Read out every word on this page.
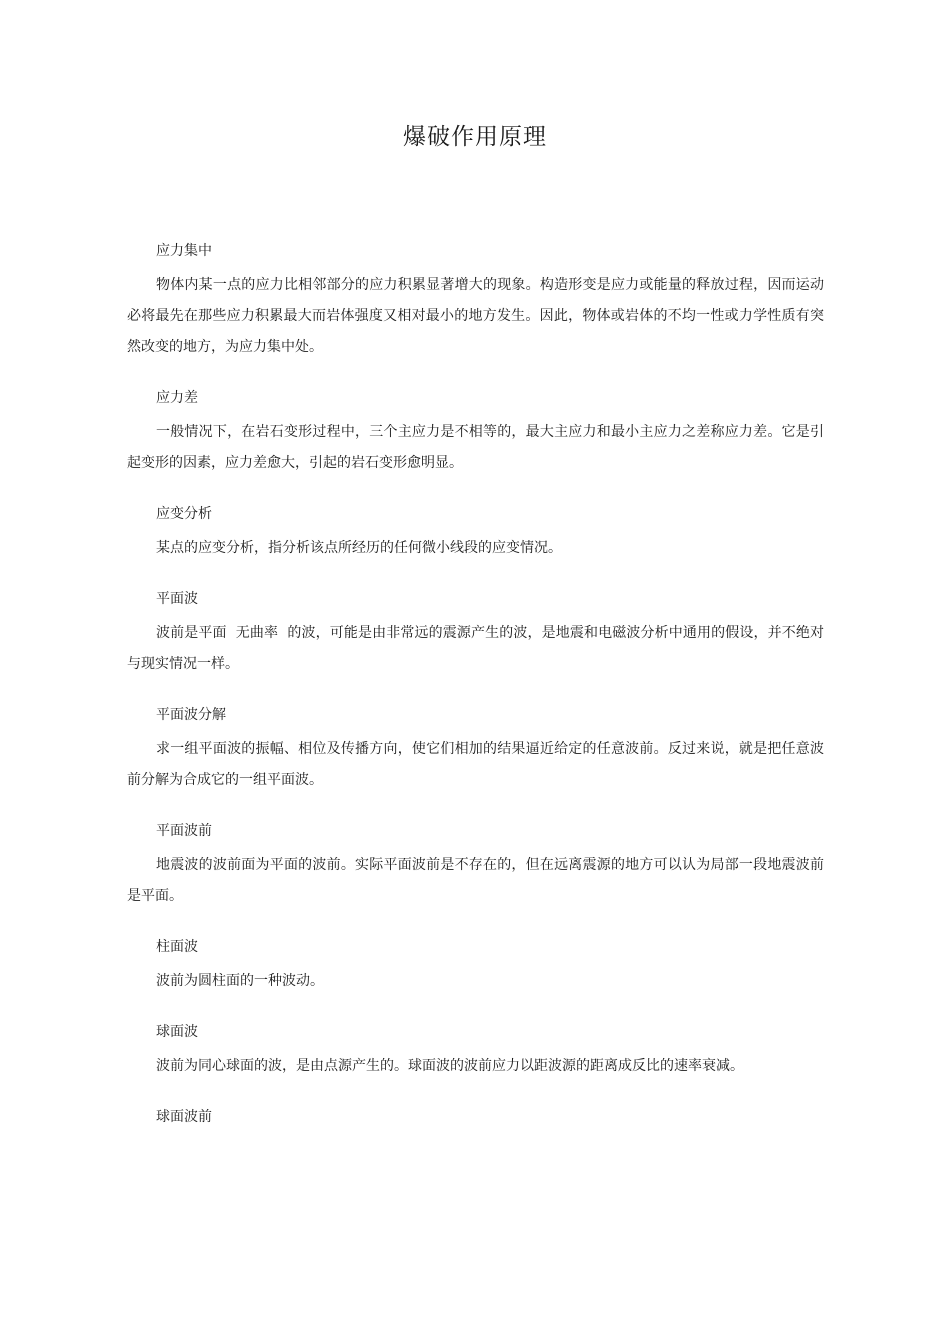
爆破作用原理
应力集中

物体内某一点的应力比相邻部分的应力积累显著增大的现象。构造形变是应力或能量的释放过程，因而运动必将最先在那些应力积累最大而岩体强度又相对最小的地方发生。因此，物体或岩体的不均一性或力学性质有突然改变的地方，为应力集中处。

应力差

一般情况下，在岩石变形过程中，三个主应力是不相等的，最大主应力和最小主应力之差称应力差。它是引起变形的因素，应力差愈大，引起的岩石变形愈明显。

应变分析

某点的应变分析，指分析该点所经历的任何微小线段的应变情况。

平面波

波前是平面  无曲率  的波，可能是由非常远的震源产生的波，是地震和电磁波分析中通用的假设，并不绝对与现实情况一样。

平面波分解

求一组平面波的振幅、相位及传播方向，使它们相加的结果逼近给定的任意波前。反过来说，就是把任意波前分解为合成它的一组平面波。

平面波前

地震波的波前面为平面的波前。实际平面波前是不存在的，但在远离震源的地方可以认为局部一段地震波前是平面。

柱面波

波前为圆柱面的一种波动。

球面波

波前为同心球面的波，是由点源产生的。球面波的波前应力以距波源的距离成反比的速率衰减。

球面波前
